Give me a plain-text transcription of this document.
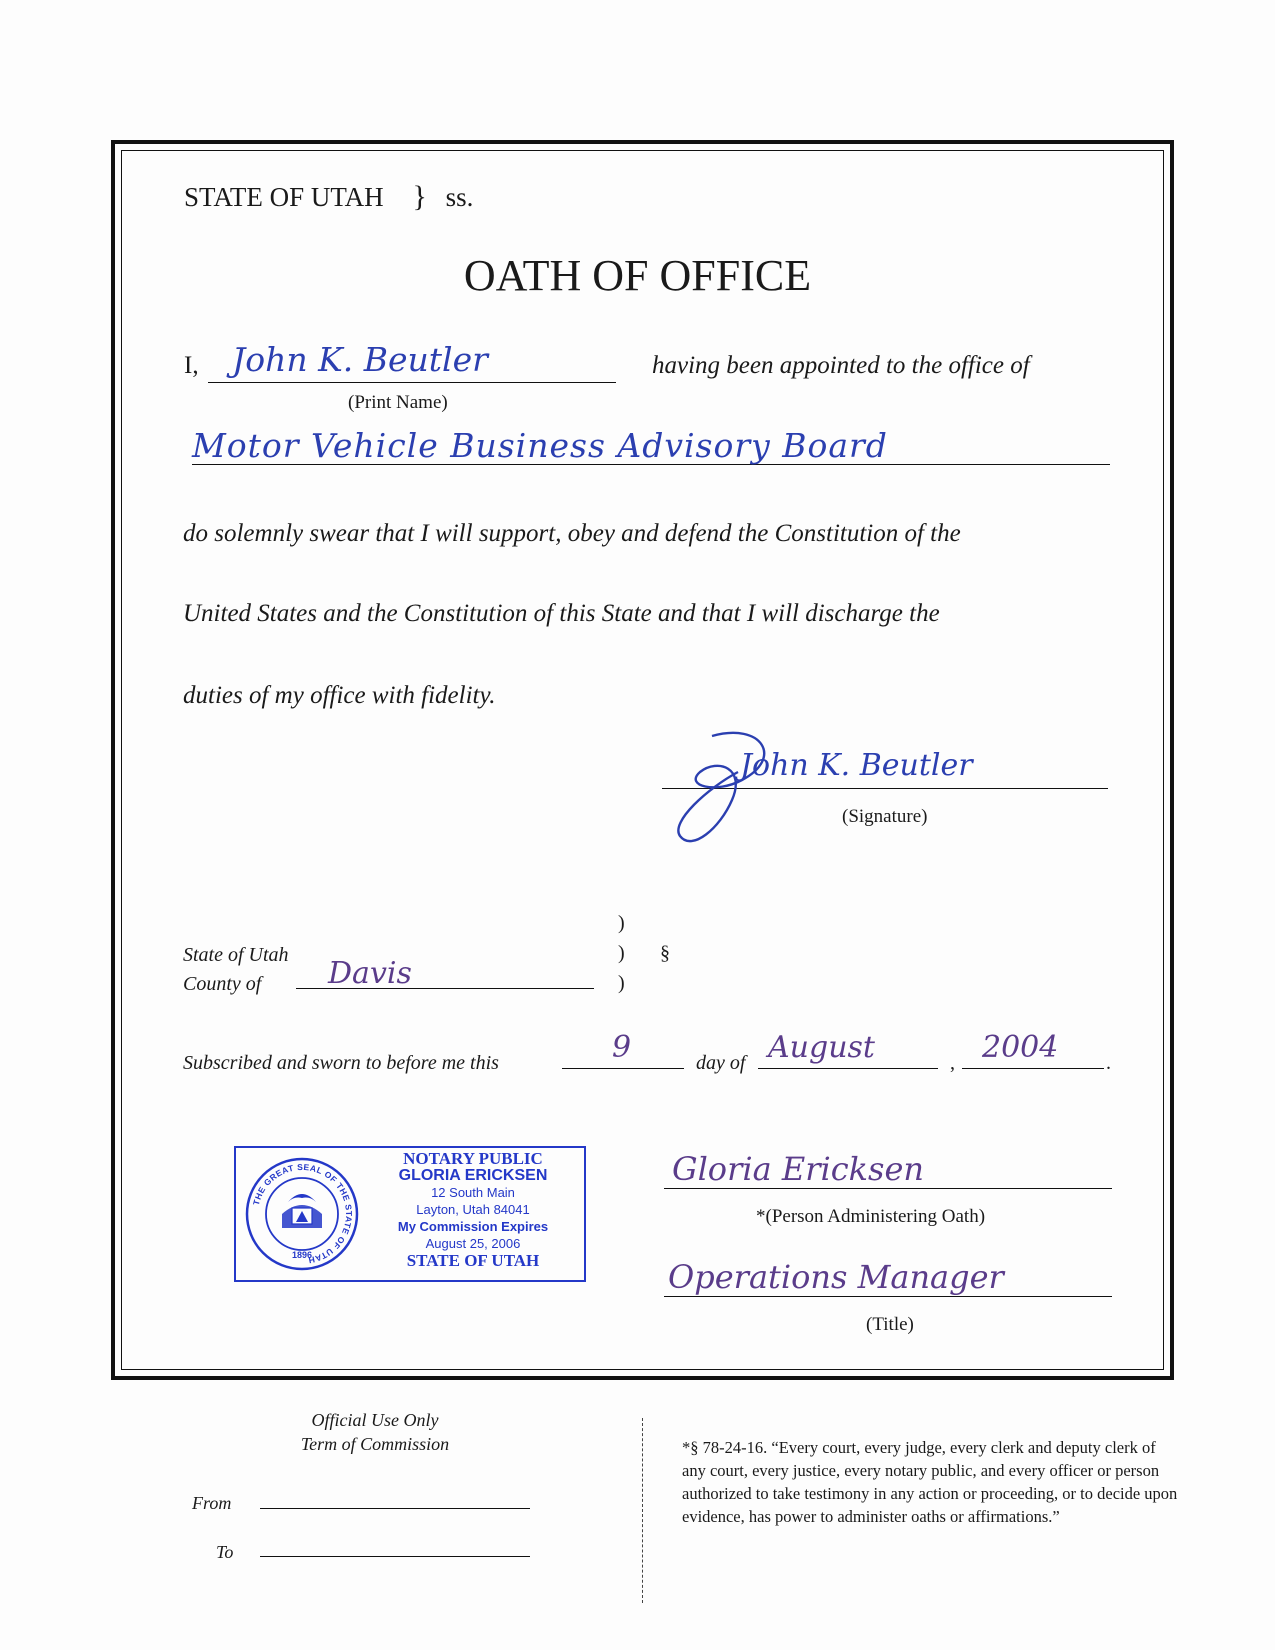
STATE OF UTAH } ss.
OATH OF OFFICE
I, John K. Beutler
(Print Name)
having been appointed to the office of
Motor Vehicle Business Advisory Board
do solemnly swear that I will support, obey and defend the Constitution of the
United States and the Constitution of this State and that I will discharge the
duties of my office with fidelity.
John K. Beutler
(Signature)
State of Utah
County of Davis
)
)
)
§
Subscribed and sworn to before me this	9	day of August	, 2004 .
THE GREAT SEAL OF THE STATE OF UTAH
1896
NOTARY PUBLIC
GLORIA ERICKSEN
12 South Main
Layton, Utah 84041
My Commission Expires
August 25, 2006
STATE OF UTAH
Gloria Ericksen
*(Person Administering Oath)
Operations Manager
(Title)
Official Use Only
Term of Commission
From
To
*§ 78-24-16. “Every court, every judge, every clerk and deputy clerk of any court, every justice, every notary public, and every officer or person authorized to take testimony in any action or proceeding, or to decide upon evidence, has power to administer oaths or affirmations.”
